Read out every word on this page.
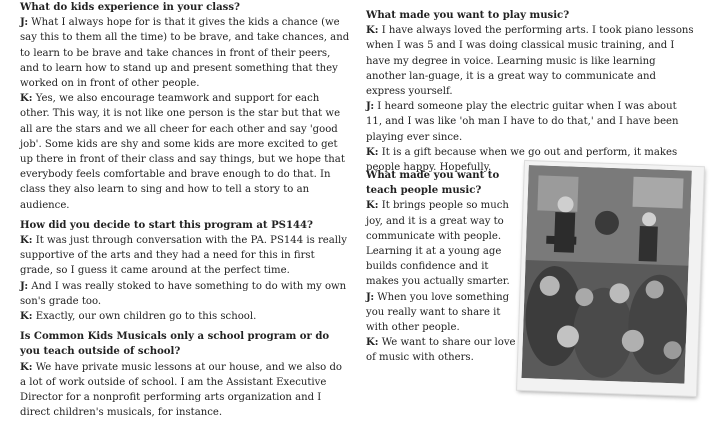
What do kids experience in your class?
J: What I always hope for is that it gives the kids a chance (we say this to them all the time) to be brave, and take chances, and to learn to be brave and take chances in front of their peers, and to learn how to stand up and present something that they worked on in front of other people.
K: Yes, we also encourage teamwork and support for each other. This way, it is not like one person is the star but that we all are the stars and we all cheer for each other and say 'good job'. Some kids are shy and some kids are more excited to get up there in front of their class and say things, but we hope that everybody feels comfortable and brave enough to do that. In class they also learn to sing and how to tell a story to an audience.
How did you decide to start this program at PS144?
K: It was just through conversation with the PA. PS144 is really supportive of the arts and they had a need for this in first grade, so I guess it came around at the perfect time.
J: And I was really stoked to have something to do with my own son's grade too.
K: Exactly, our own children go to this school.
Is Common Kids Musicals only a school program or do you teach outside of school?
K: We have private music lessons at our house, and we also do a lot of work outside of school. I am the Assistant Executive Director for a nonprofit performing arts organization and I direct children's musicals, for instance.
What made you want to play music?
K: I have always loved the performing arts. I took piano lessons when I was 5 and I was doing classical music training, and I have my degree in voice. Learning music is like learning another lan-guage, it is a great way to communicate and express yourself.
J: I heard someone play the electric guitar when I was about 11, and I was like 'oh man I have to do that,' and I have been playing ever since.
K: It is a gift because when we go out and perform, it makes people happy. Hopefully.
What made you want to teach people music?
K: It brings people so much joy, and it is a great way to communicate with people. Learning it at a young age builds confidence and it makes you actually smarter.
J: When you love something you really want to share it with other people.
K: We want to share our love of music with others.
